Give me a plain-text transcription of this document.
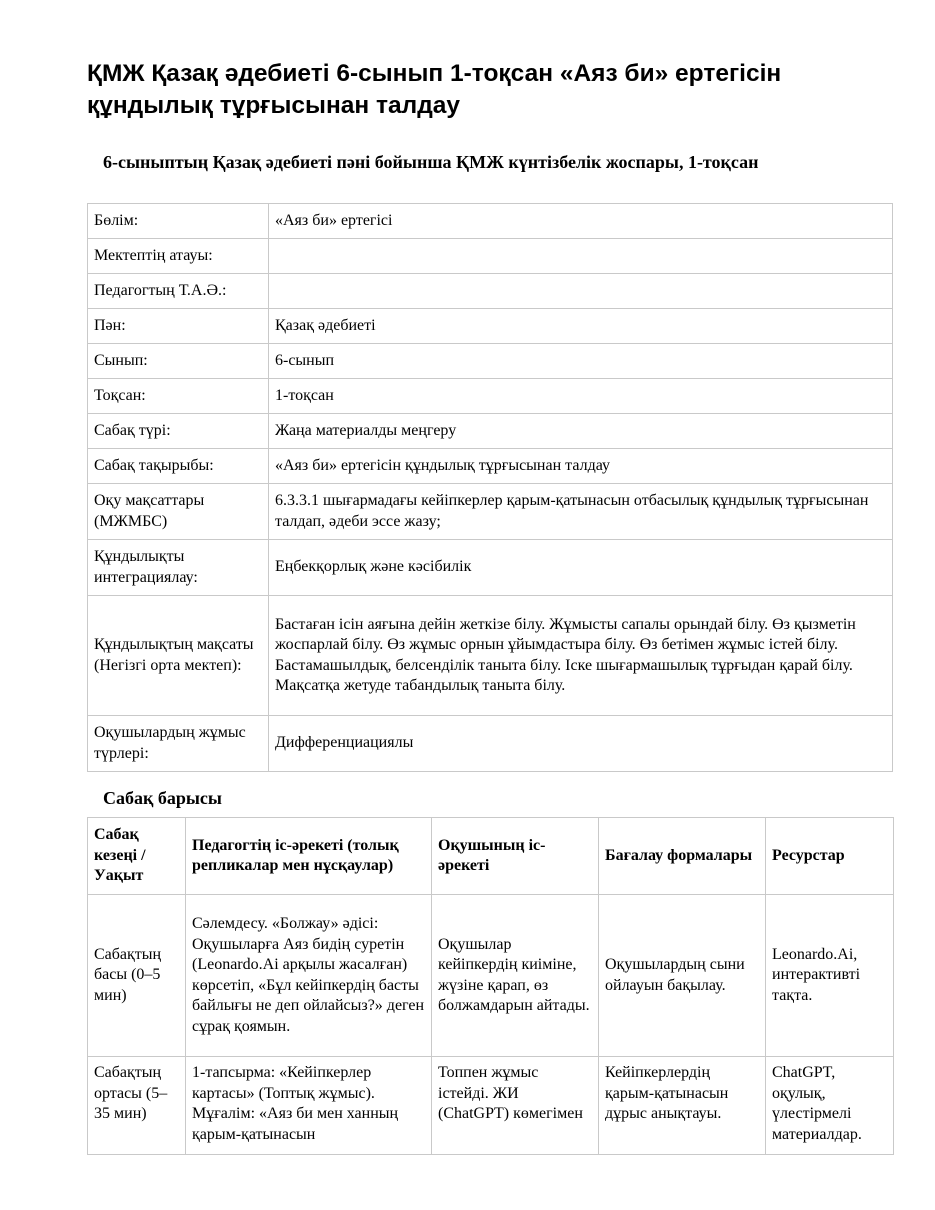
ҚМЖ Қазақ әдебиеті 6-сынып 1-тоқсан «Аяз би» ертегісін құндылық тұрғысынан талдау
6-сыныптың Қазақ әдебиеті пәні бойынша ҚМЖ күнтізбелік жоспары, 1-тоқсан
Бөлім:	«Аяз би» ертегісі
Мектептің атауы:	
Педагогтың Т.А.Ә.:	
Пән:	Қазақ әдебиеті
Сынып:	6-сынып
Тоқсан:	1-тоқсан
Сабақ түрі:	Жаңа материалды меңгеру
Сабақ тақырыбы:	«Аяз би» ертегісін құндылық тұрғысынан талдау
Оқу мақсаттары (МЖМБС)	6.3.3.1 шығармадағы кейіпкерлер қарым-қатынасын отбасылық құндылық тұрғысынан талдап, әдеби эссе жазу;
Құндылықты интеграциялау:	Еңбекқорлық және кәсібилік
Құндылықтың мақсаты (Негізгі орта мектеп):	Бастаған ісін аяғына дейін жеткізе білу. Жұмысты сапалы орындай білу. Өз қызметін жоспарлай білу. Өз жұмыс орнын ұйымдастыра білу. Өз бетімен жұмыс істей білу. Бастамашылдық, белсенділік таныта білу. Іске шығармашылық тұрғыдан қарай білу. Мақсатқа жетуде табандылық таныта білу.
Оқушылардың жұмыс түрлері:	Дифференциациялы
Сабақ барысы
Сабақ кезеңі / Уақыт	Педагогтің іс-әрекеті (толық репликалар мен нұсқаулар)	Оқушының іс-әрекеті	Бағалау формалары	Ресурстар
Сабақтың басы (0–5 мин)	Сәлемдесу. «Болжау» әдісі: Оқушыларға Аяз бидің суретін (Leonardo.Ai арқылы жасалған) көрсетіп, «Бұл кейіпкердің басты байлығы не деп ойлайсыз?» деген сұрақ қоямын.	Оқушылар кейіпкердің киіміне, жүзіне қарап, өз болжамдарын айтады.	Оқушылардың сыни ойлауын бақылау.	Leonardo.Ai, интерактивті тақта.
Сабақтың ортасы (5–35 мин)	1-тапсырма: «Кейіпкерлер картасы» (Топтық жұмыс). Мұғалім: «Аяз би мен ханның қарым-қатынасын	Топпен жұмыс істейді. ЖИ (ChatGPT) көмегімен	Кейіпкерлердің қарым-қатынасын дұрыс анықтауы.	ChatGPT, оқулық, үлестірмелі материалдар.
